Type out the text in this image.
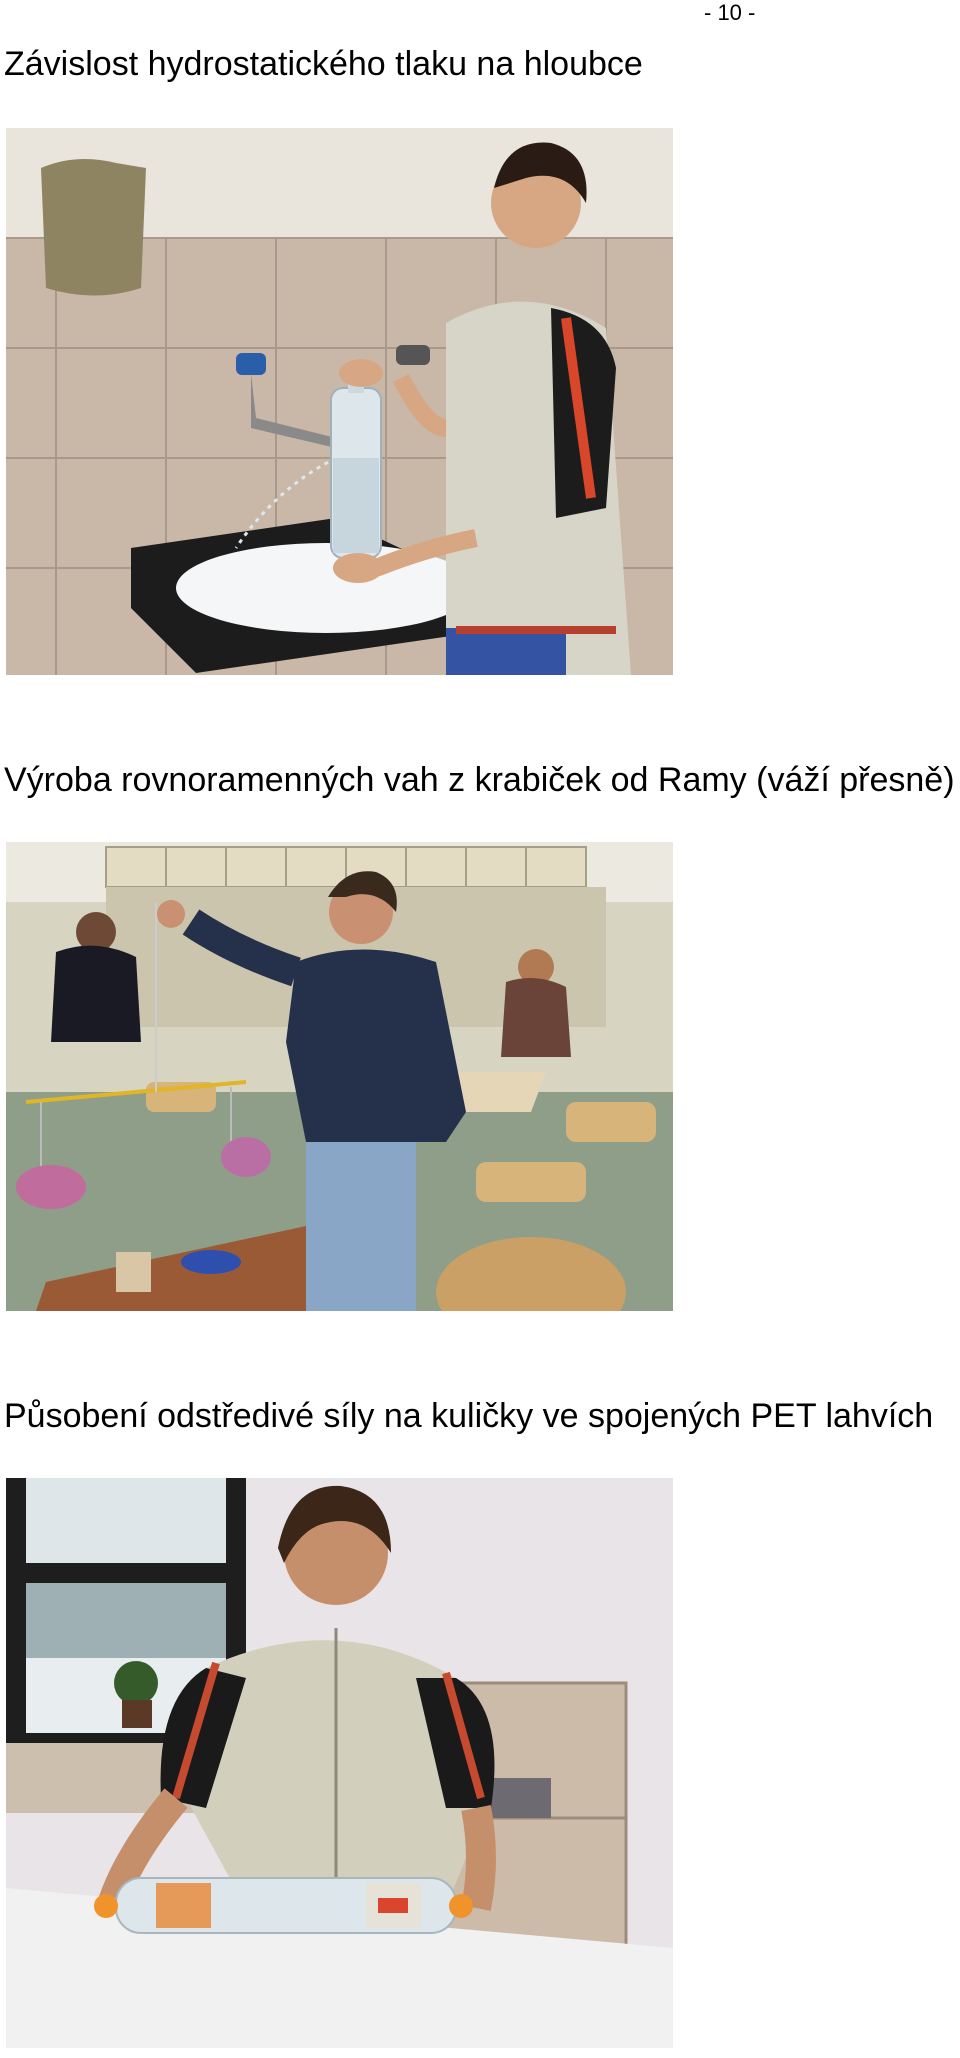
- 10 -
Závislost hydrostatického tlaku na hloubce
Výroba rovnoramenných vah z krabiček od Ramy (váží přesně)
Působení odstředivé síly na kuličky ve spojených PET lahvích
